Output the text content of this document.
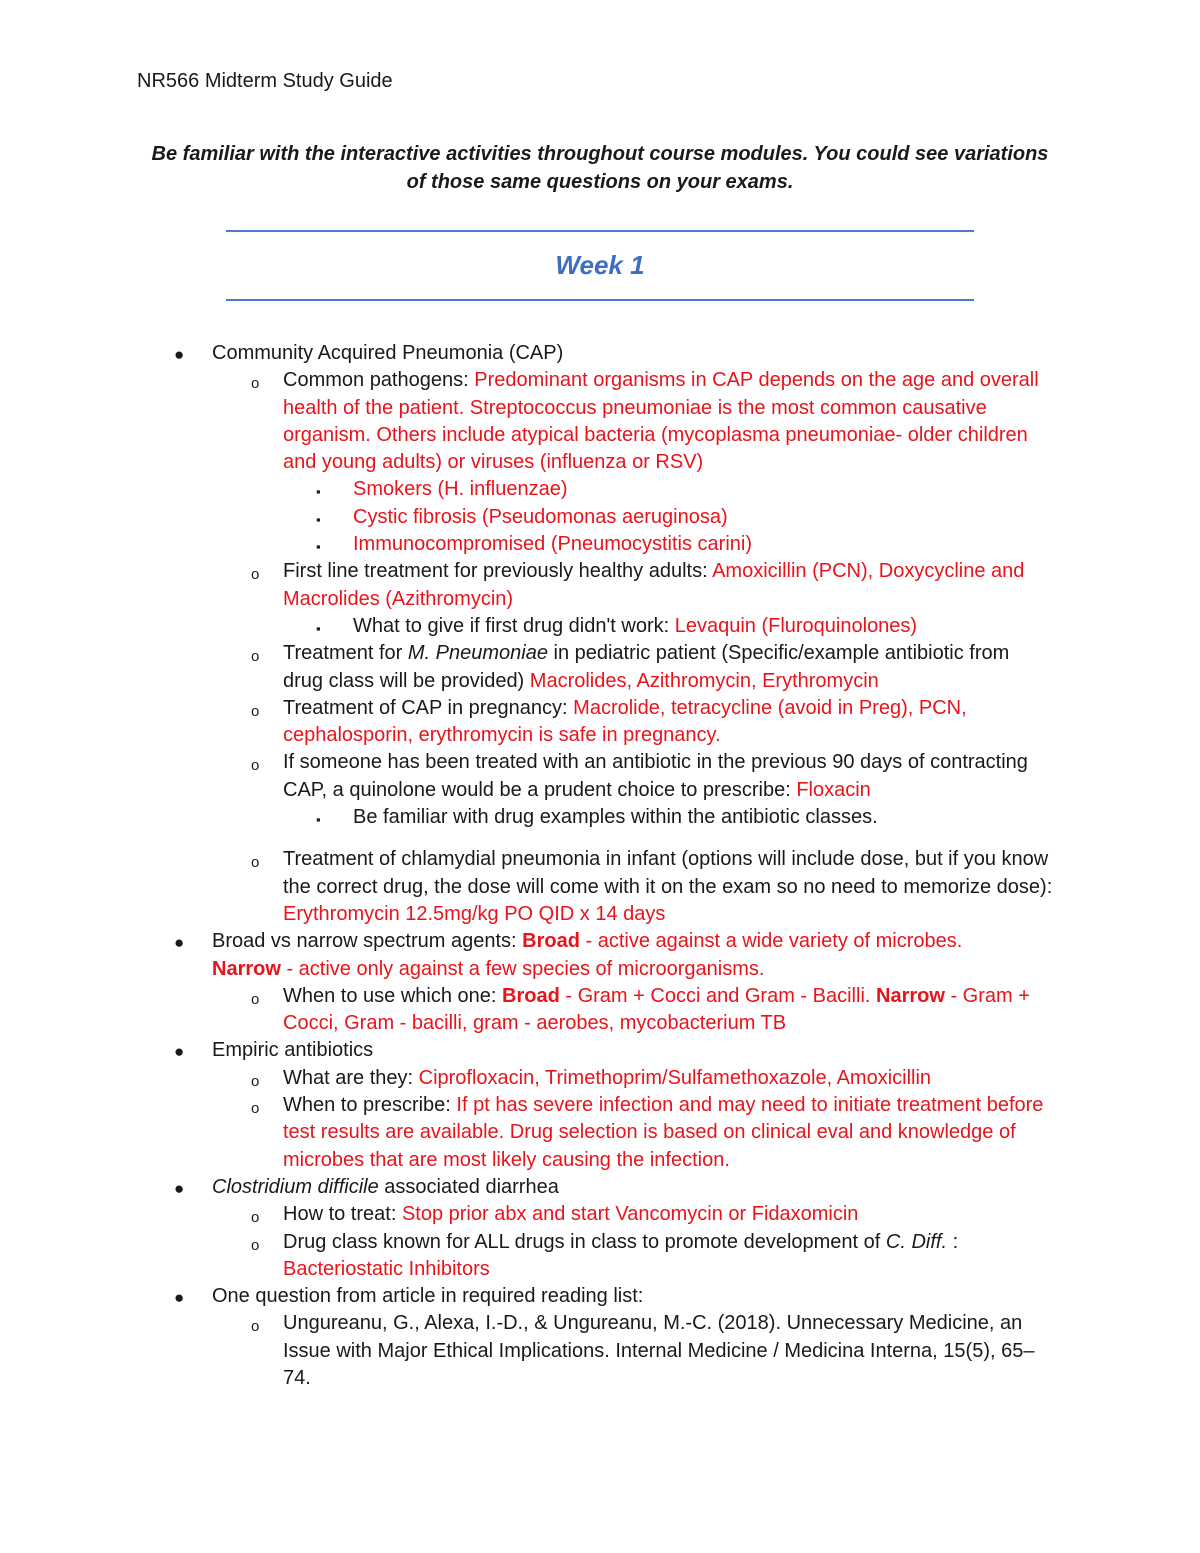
NR566 Midterm Study Guide

Be familiar with the interactive activities throughout course modules. You could see variations of those same questions on your exams.

Week 1
● Community Acquired Pneumonia (CAP)
o Common pathogens: Predominant organisms in CAP depends on the age and overall health of the patient. Streptococcus pneumoniae is the most common causative organism. Others include atypical bacteria (mycoplasma pneumoniae- older children and young adults) or viruses (influenza or RSV)
▪ Smokers (H. influenzae)
▪ Cystic fibrosis (Pseudomonas aeruginosa)
▪ Immunocompromised (Pneumocystitis carini)
o First line treatment for previously healthy adults: Amoxicillin (PCN), Doxycycline and Macrolides (Azithromycin)
▪ What to give if first drug didn't work: Levaquin (Fluroquinolones)
o Treatment for M. Pneumoniae in pediatric patient (Specific/example antibiotic from drug class will be provided) Macrolides, Azithromycin, Erythromycin
o Treatment of CAP in pregnancy: Macrolide, tetracycline (avoid in Preg), PCN, cephalosporin, erythromycin is safe in pregnancy.
o If someone has been treated with an antibiotic in the previous 90 days of contracting CAP, a quinolone would be a prudent choice to prescribe: Floxacin
▪ Be familiar with drug examples within the antibiotic classes.
o Treatment of chlamydial pneumonia in infant (options will include dose, but if you know the correct drug, the dose will come with it on the exam so no need to memorize dose): Erythromycin 12.5mg/kg PO QID x 14 days
● Broad vs narrow spectrum agents: Broad - active against a wide variety of microbes. Narrow - active only against a few species of microorganisms.
o When to use which one: Broad - Gram + Cocci and Gram - Bacilli. Narrow - Gram + Cocci, Gram - bacilli, gram - aerobes, mycobacterium TB
● Empiric antibiotics
o What are they: Ciprofloxacin, Trimethoprim/Sulfamethoxazole, Amoxicillin
o When to prescribe: If pt has severe infection and may need to initiate treatment before test results are available. Drug selection is based on clinical eval and knowledge of microbes that are most likely causing the infection.
● Clostridium difficile associated diarrhea
o How to treat: Stop prior abx and start Vancomycin or Fidaxomicin
o Drug class known for ALL drugs in class to promote development of C. Diff. : Bacteriostatic Inhibitors
● One question from article in required reading list:
o Ungureanu, G., Alexa, I.-D., & Ungureanu, M.-C. (2018). Unnecessary Medicine, an Issue with Major Ethical Implications. Internal Medicine / Medicina Interna, 15(5), 65–74.
